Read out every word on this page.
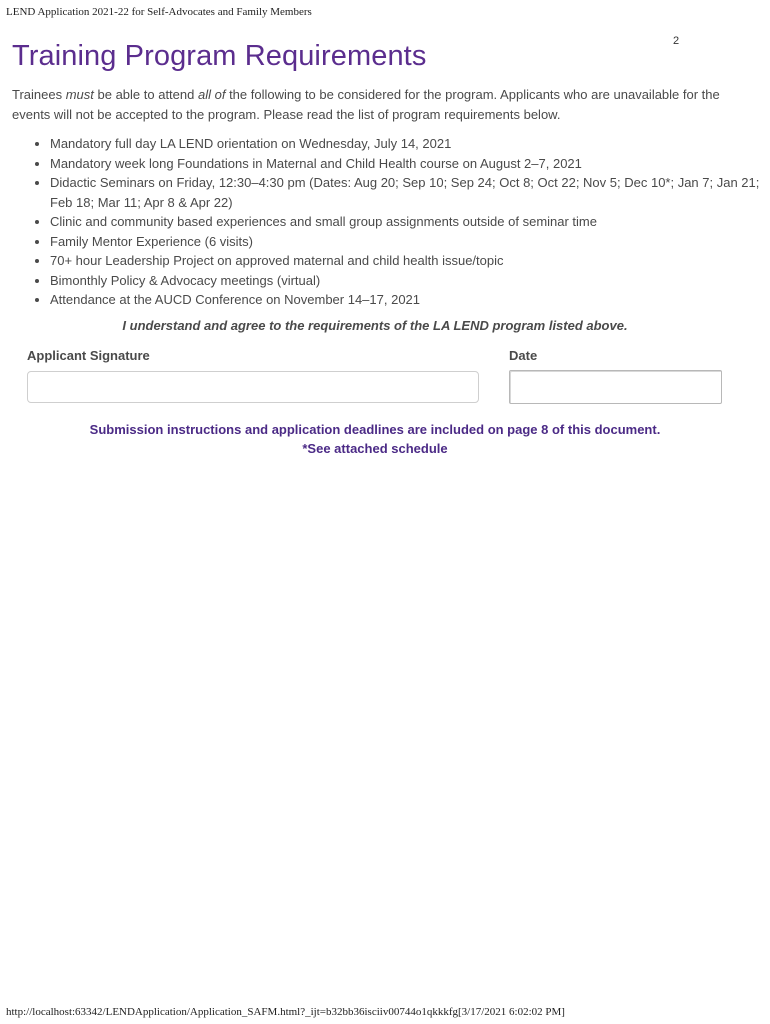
LEND Application 2021-22 for Self-Advocates and Family Members
2
Training Program Requirements

Trainees must be able to attend all of the following to be considered for the program. Applicants who are unavailable for the events will not be accepted to the program. Please read the list of program requirements below.

• Mandatory full day LA LEND orientation on Wednesday, July 14, 2021
• Mandatory week long Foundations in Maternal and Child Health course on August 2–7, 2021
• Didactic Seminars on Friday, 12:30–4:30 pm (Dates: Aug 20; Sep 10; Sep 24; Oct 8; Oct 22; Nov 5; Dec 10*; Jan 7; Jan 21; Feb 18; Mar 11; Apr 8 & Apr 22)
• Clinic and community based experiences and small group assignments outside of seminar time
• Family Mentor Experience (6 visits)
• 70+ hour Leadership Project on approved maternal and child health issue/topic
• Bimonthly Policy & Advocacy meetings (virtual)
• Attendance at the AUCD Conference on November 14–17, 2021
I understand and agree to the requirements of the LA LEND program listed above.
Applicant Signature	Date
Submission instructions and application deadlines are included on page 8 of this document.
*See attached schedule
http://localhost:63342/LENDApplication/Application_SAFM.html?_ijt=b32bb36isciiv00744o1qkkkfg[3/17/2021 6:02:02 PM]
